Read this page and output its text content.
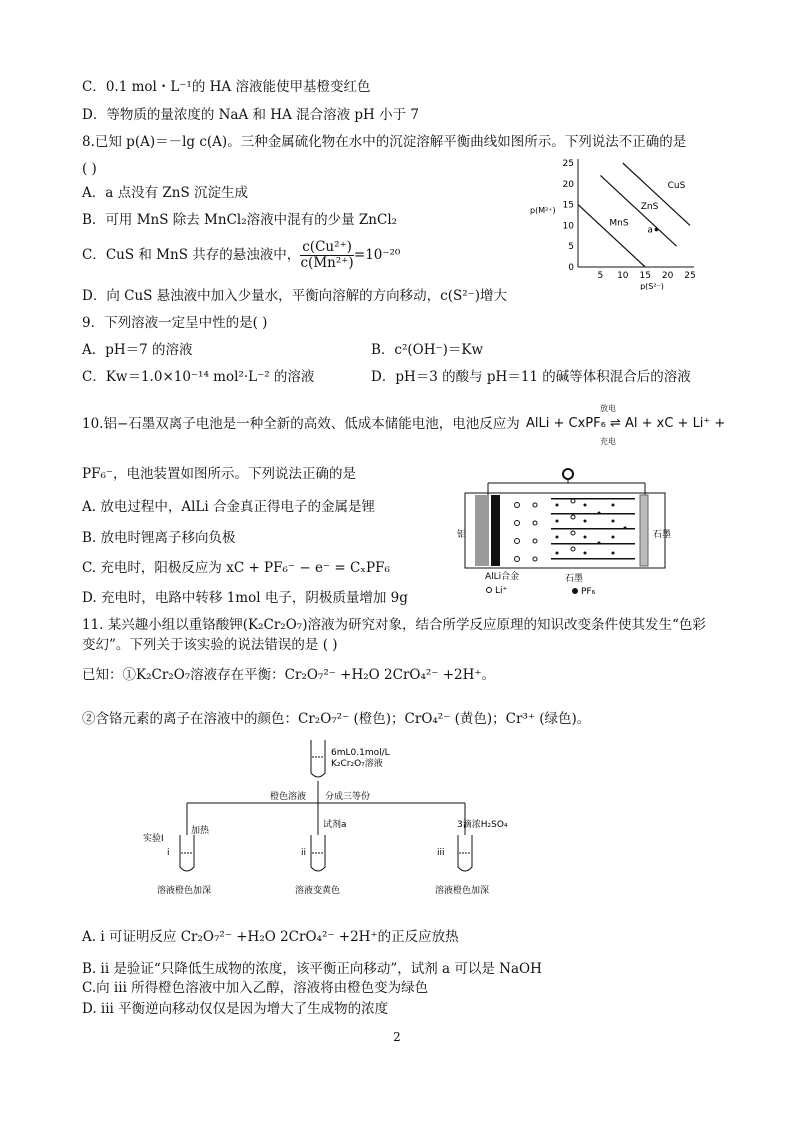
C．0.1 mol・L⁻¹的 HA 溶液能使甲基橙变红色
D．等物质的量浓度的 NaA 和 HA 混合溶液 pH 小于 7
8.已知 p(A)＝－lg c(A)。三种金属硫化物在水中的沉淀溶解平衡曲线如图所示。下列说法不正确的是
( )
A．a 点没有 ZnS 沉淀生成
B．可用 MnS 除去 MnCl₂溶液中混有的少量 ZnCl₂
C．CuS 和 MnS 共存的悬浊液中， $\frac{\text{c(Cu²⁺)}}{\text{c(Mn²⁺)}} =10^{-20}$
D．向 CuS 悬浊液中加入少量水，平衡向溶解的方向移动，c(S²⁻)增大
CuS
ZnS
MnS
a
5 10 15 20 25
0
5
10
15
20
25
p(S²⁻)
p(M²⁺)
9．下列溶液一定呈中性的是( )
A．pH＝7 的溶液	B．c²(OH⁻)＝Kw
C．Kw＝1.0×10⁻¹⁴ mol²·L⁻² 的溶液	D．pH＝3 的酸与 pH＝11 的碱等体积混合后的溶液
10.铝−石墨双离子电池是一种全新的高效、低成本储能电池，电池反应为 AlLi + CxPF₆ ⇌ Al + xC + Li⁺ +
放电
充电
PF₆⁻，电池装置如图所示。下列说法正确的是
A. 放电过程中，AlLi 合金真正得电子的金属是锂
B. 放电时锂离子移向负极
C. 充电时，阳极反应为 xC + PF₆⁻ − e⁻ = CₓPF₆
D. 充电时，电路中转移 1mol 电子，阴极质量增加 9g
铝	石墨
AlLi合金
Li⁺
石墨
PF₆
11. 某兴趣小组以重铬酸钾(K₂Cr₂O₇)溶液为研究对象，结合所学反应原理的知识改变条件使其发生“色彩
变幻”。下列关于该实验的说法错误的是 ( )
已知：①K₂Cr₂O₇溶液存在平衡：Cr₂O₇²⁻ +H₂O 2CrO₄²⁻ +2H⁺。
②含铬元素的离子在溶液中的颜色：Cr₂O₇²⁻ (橙色)；CrO₄²⁻ (黄色)；Cr³⁺ (绿色)。
6mL0.1mol/L
K₂Cr₂O₇溶液
橙色溶液 分成三等份
实验I
加热
试剂a	3滴浓H₂SO₄
i	ii	iii
溶液橙色加深	溶液变黄色	溶液橙色加深
A. i 可证明反应 Cr₂O₇²⁻ +H₂O 2CrO₄²⁻ +2H⁺的正反应放热
B. ii 是验证“只降低生成物的浓度，该平衡正向移动”，试剂 a 可以是 NaOH
C.向 iii 所得橙色溶液中加入乙醇，溶液将由橙色变为绿色
D. iii 平衡逆向移动仅仅是因为增大了生成物的浓度
2
